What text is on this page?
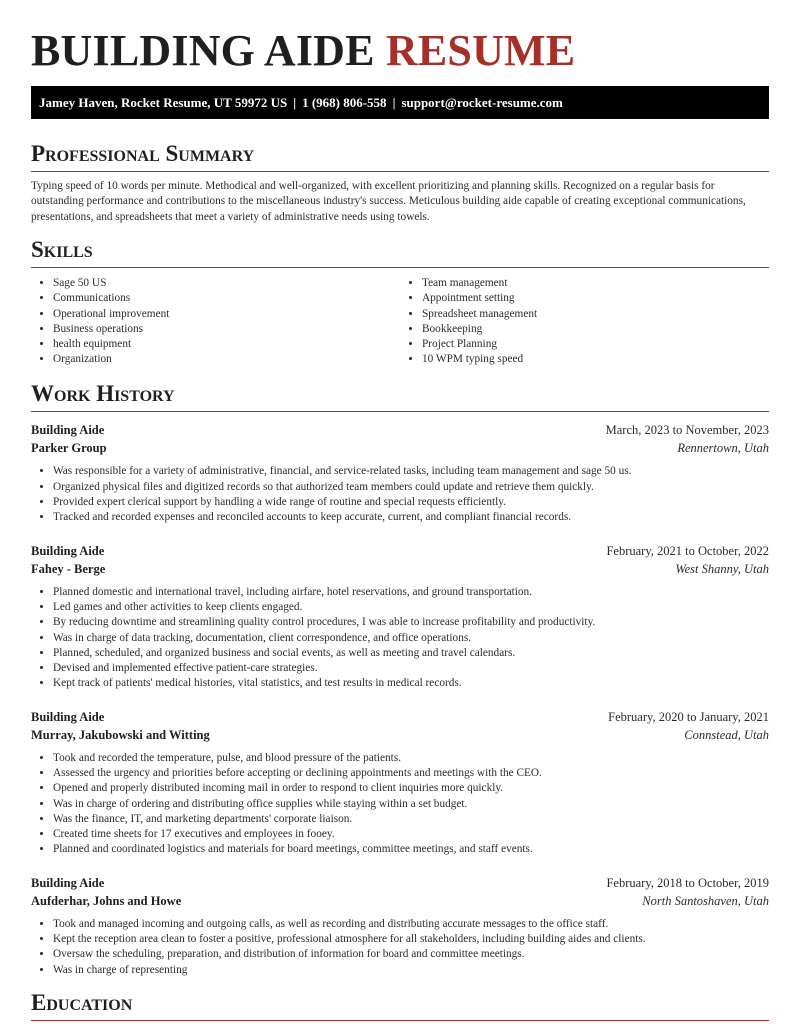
BUILDING AIDE RESUME
Jamey Haven, Rocket Resume, UT 59972 US | 1 (968) 806-558 | support@rocket-resume.com
Professional Summary

Typing speed of 10 words per minute. Methodical and well-organized, with excellent prioritizing and planning skills. Recognized on a regular basis for outstanding performance and contributions to the miscellaneous industry's success. Meticulous building aide capable of creating exceptional communications, presentations, and spreadsheets that meet a variety of administrative needs using towels.

Skills
• Sage 50 US
• Communications
• Operational improvement
• Business operations
• health equipment
• Organization
• Team management
• Appointment setting
• Spreadsheet management
• Bookkeeping
• Project Planning
• 10 WPM typing speed
Work History
Building Aide	March, 2023 to November, 2023
Parker Group	Rennertown, Utah
• Was responsible for a variety of administrative, financial, and service-related tasks, including team management and sage 50 us.
• Organized physical files and digitized records so that authorized team members could update and retrieve them quickly.
• Provided expert clerical support by handling a wide range of routine and special requests efficiently.
• Tracked and recorded expenses and reconciled accounts to keep accurate, current, and compliant financial records.
Building Aide	February, 2021 to October, 2022
Fahey - Berge	West Shanny, Utah
• Planned domestic and international travel, including airfare, hotel reservations, and ground transportation.
• Led games and other activities to keep clients engaged.
• By reducing downtime and streamlining quality control procedures, I was able to increase profitability and productivity.
• Was in charge of data tracking, documentation, client correspondence, and office operations.
• Planned, scheduled, and organized business and social events, as well as meeting and travel calendars.
• Devised and implemented effective patient-care strategies.
• Kept track of patients' medical histories, vital statistics, and test results in medical records.
Building Aide	February, 2020 to January, 2021
Murray, Jakubowski and Witting	Connstead, Utah
• Took and recorded the temperature, pulse, and blood pressure of the patients.
• Assessed the urgency and priorities before accepting or declining appointments and meetings with the CEO.
• Opened and properly distributed incoming mail in order to respond to client inquiries more quickly.
• Was in charge of ordering and distributing office supplies while staying within a set budget.
• Was the finance, IT, and marketing departments' corporate liaison.
• Created time sheets for 17 executives and employees in fooey.
• Planned and coordinated logistics and materials for board meetings, committee meetings, and staff events.
Building Aide	February, 2018 to October, 2019
Aufderhar, Johns and Howe	North Santoshaven, Utah
• Took and managed incoming and outgoing calls, as well as recording and distributing accurate messages to the office staff.
• Kept the reception area clean to foster a positive, professional atmosphere for all stakeholders, including building aides and clients.
• Oversaw the scheduling, preparation, and distribution of information for board and committee meetings.
• Was in charge of representing
Education
